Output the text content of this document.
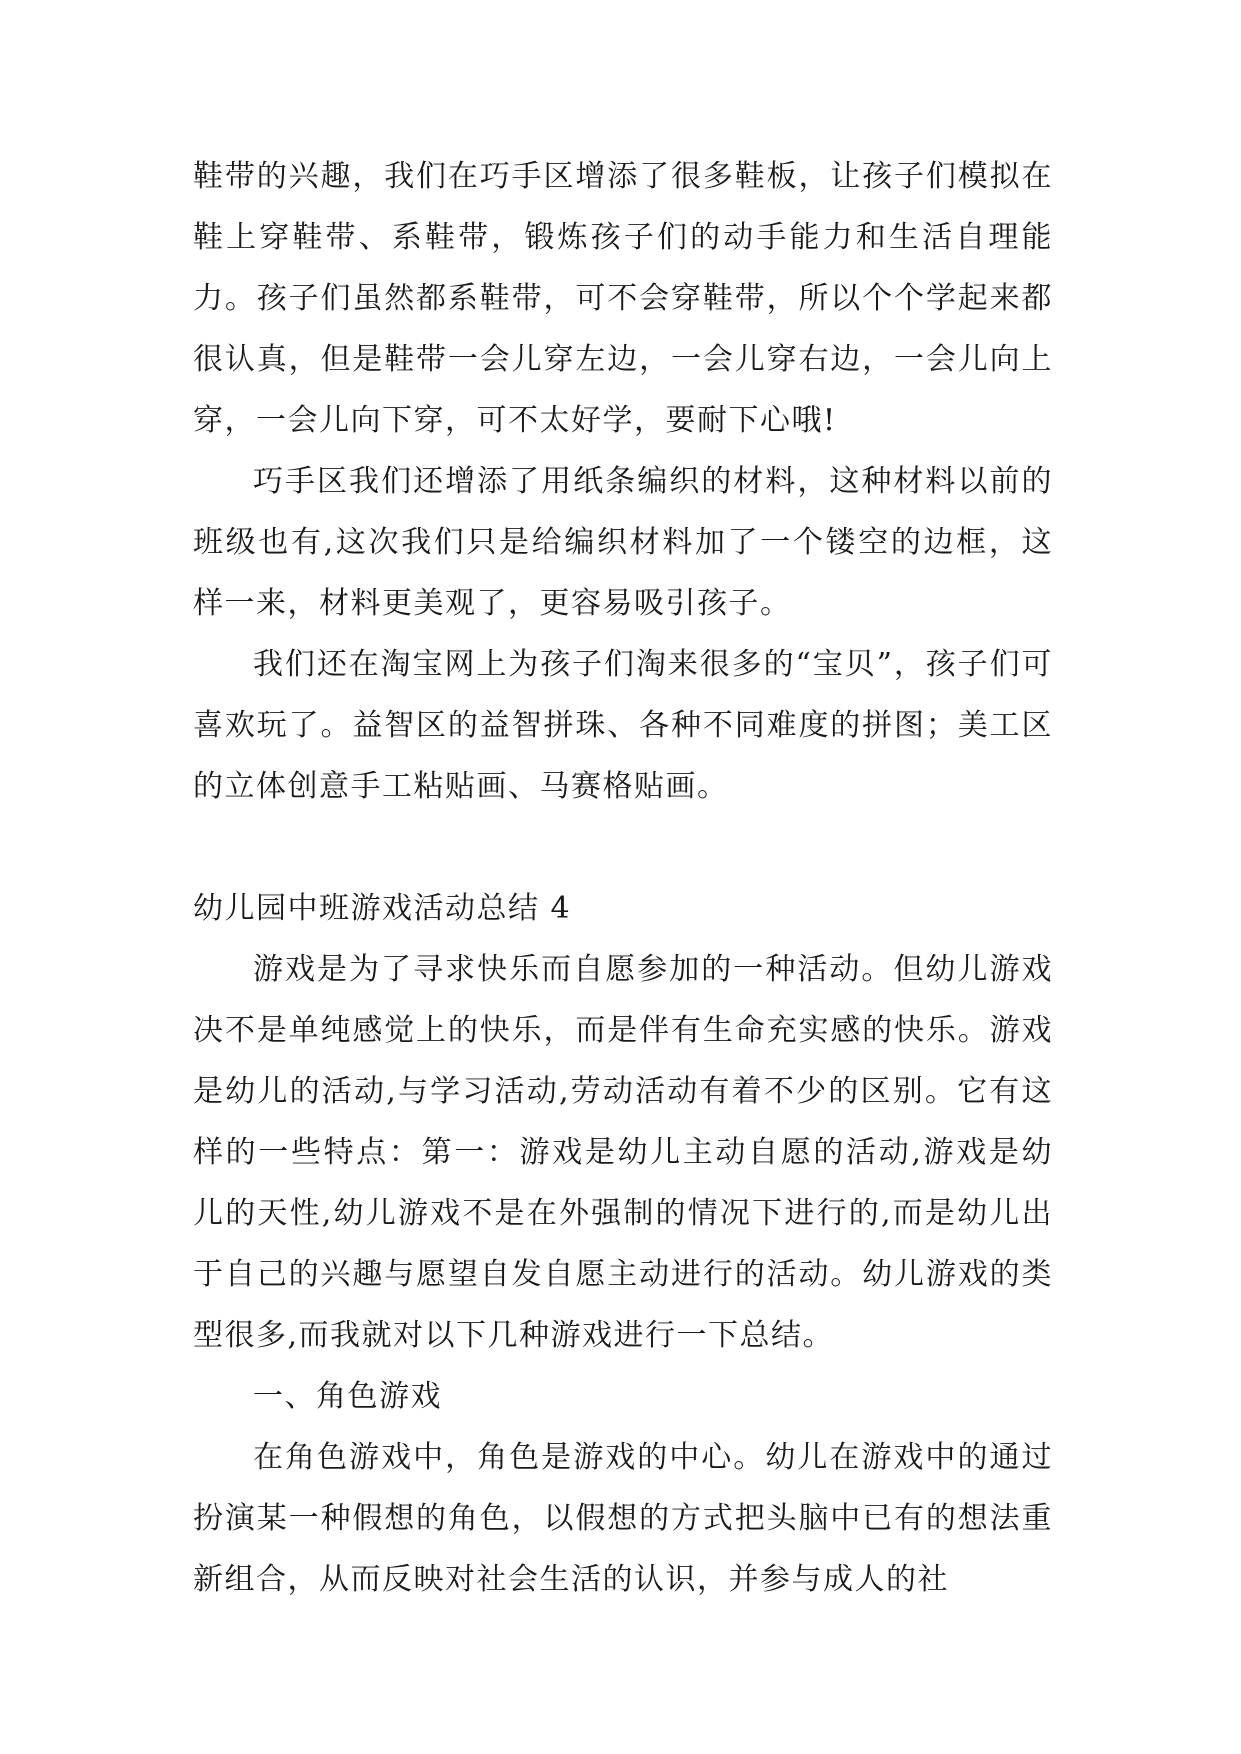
鞋带的兴趣，我们在巧手区增添了很多鞋板，让孩子们模拟在鞋上穿鞋带、系鞋带，锻炼孩子们的动手能力和生活自理能力。孩子们虽然都系鞋带，可不会穿鞋带，所以个个学起来都很认真，但是鞋带一会儿穿左边，一会儿穿右边，一会儿向上穿，一会儿向下穿，可不太好学，要耐下心哦!

巧手区我们还增添了用纸条编织的材料，这种材料以前的班级也有,这次我们只是给编织材料加了一个镂空的边框，这样一来，材料更美观了，更容易吸引孩子。

我们还在淘宝网上为孩子们淘来很多的“宝贝”，孩子们可喜欢玩了。益智区的益智拼珠、各种不同难度的拼图；美工区的立体创意手工粘贴画、马赛格贴画。

幼儿园中班游戏活动总结 4

游戏是为了寻求快乐而自愿参加的一种活动。但幼儿游戏决不是单纯感觉上的快乐，而是伴有生命充实感的快乐。游戏是幼儿的活动,与学习活动,劳动活动有着不少的区别。它有这样的一些特点：第一：游戏是幼儿主动自愿的活动,游戏是幼儿的天性,幼儿游戏不是在外强制的情况下进行的,而是幼儿出于自己的兴趣与愿望自发自愿主动进行的活动。幼儿游戏的类型很多,而我就对以下几种游戏进行一下总结。

一、角色游戏

在角色游戏中，角色是游戏的中心。幼儿在游戏中的通过扮演某一种假想的角色，以假想的方式把头脑中已有的想法重新组合，从而反映对社会生活的认识，并参与成人的社
